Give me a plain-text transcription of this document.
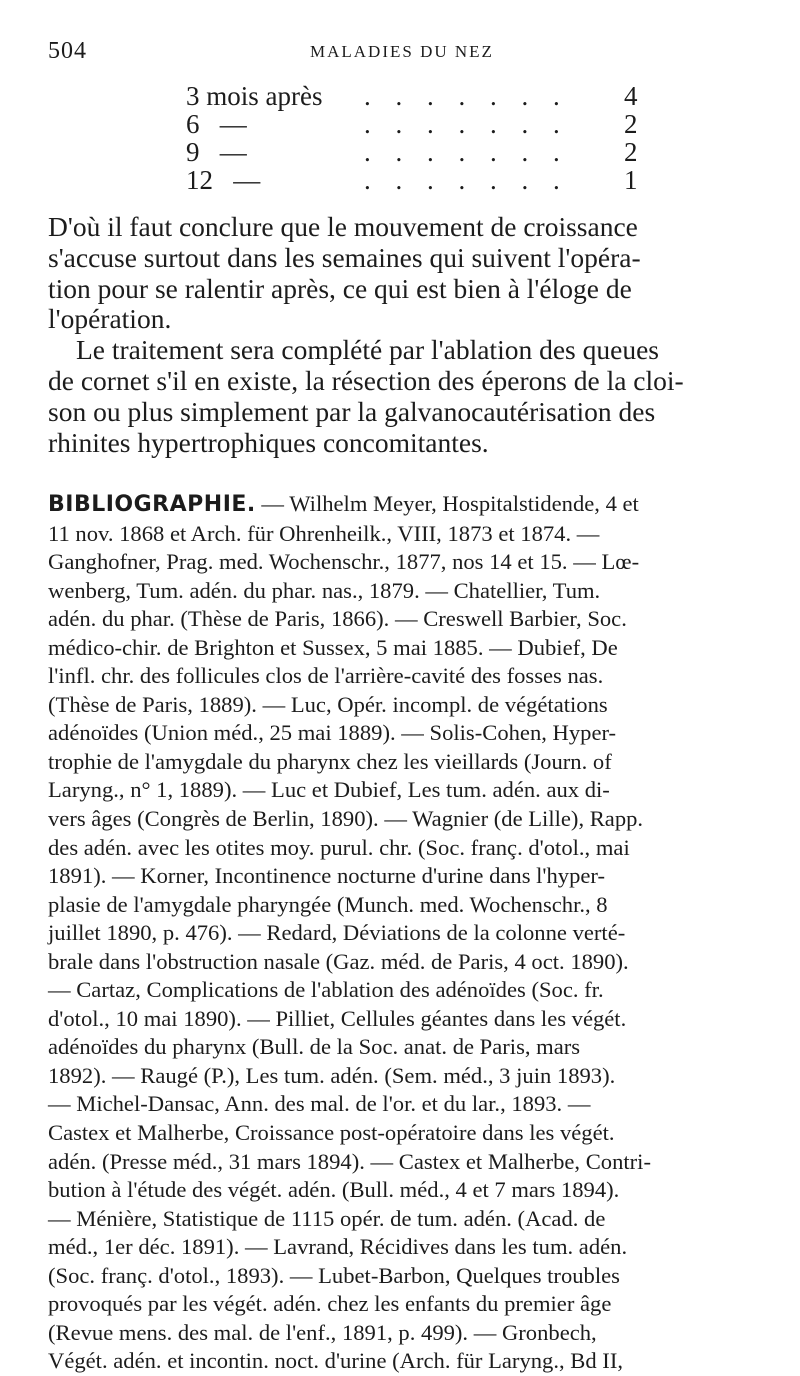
504	MALADIES DU NEZ
3 mois après . . . . . . . 4
6   —	. . . . . . . 2
9   —	. . . . . . . 2
12   —	. . . . . . . 1

D'où il faut conclure que le mouvement de croissance

s'accuse surtout dans les semaines qui suivent l'opéra-

tion pour se ralentir après, ce qui est bien à l'éloge de

l'opération.

Le traitement sera complété par l'ablation des queues

de cornet s'il en existe, la résection des éperons de la cloi-

son ou plus simplement par la galvanocautérisation des

rhinites hypertrophiques concomitantes.

BIBLIOGRAPHIE. — Wilhelm Meyer, Hospitalstidende, 4 et

11 nov. 1868 et Arch. für Ohrenheilk., VIII, 1873 et 1874. —

Ganghofner, Prag. med. Wochenschr., 1877, nos 14 et 15. — Lœ-

wenberg, Tum. adén. du phar. nas., 1879. — Chatellier, Tum.

adén. du phar. (Thèse de Paris, 1866). — Creswell Barbier, Soc.

médico-chir. de Brighton et Sussex, 5 mai 1885. — Dubief, De

l'infl. chr. des follicules clos de l'arrière-cavité des fosses nas.

(Thèse de Paris, 1889). — Luc, Opér. incompl. de végétations

adénoïdes (Union méd., 25 mai 1889). — Solis-Cohen, Hyper-

trophie de l'amygdale du pharynx chez les vieillards (Journ. of

Laryng., n° 1, 1889). — Luc et Dubief, Les tum. adén. aux di-

vers âges (Congrès de Berlin, 1890). — Wagnier (de Lille), Rapp.

des adén. avec les otites moy. purul. chr. (Soc. franç. d'otol., mai

1891). — Korner, Incontinence nocturne d'urine dans l'hyper-

plasie de l'amygdale pharyngée (Munch. med. Wochenschr., 8

juillet 1890, p. 476). — Redard, Déviations de la colonne verté-

brale dans l'obstruction nasale (Gaz. méd. de Paris, 4 oct. 1890).

— Cartaz, Complications de l'ablation des adénoïdes (Soc. fr.

d'otol., 10 mai 1890). — Pilliet, Cellules géantes dans les végét.

adénoïdes du pharynx (Bull. de la Soc. anat. de Paris, mars

1892). — Raugé (P.), Les tum. adén. (Sem. méd., 3 juin 1893).

— Michel-Dansac, Ann. des mal. de l'or. et du lar., 1893. —

Castex et Malherbe, Croissance post-opératoire dans les végét.

adén. (Presse méd., 31 mars 1894). — Castex et Malherbe, Contri-

bution à l'étude des végét. adén. (Bull. méd., 4 et 7 mars 1894).

— Ménière, Statistique de 1115 opér. de tum. adén. (Acad. de

méd., 1er déc. 1891). — Lavrand, Récidives dans les tum. adén.

(Soc. franç. d'otol., 1893). — Lubet-Barbon, Quelques troubles

provoqués par les végét. adén. chez les enfants du premier âge

(Revue mens. des mal. de l'enf., 1891, p. 499). — Gronbech,

Végét. adén. et incontin. noct. d'urine (Arch. für Laryng., Bd II,
